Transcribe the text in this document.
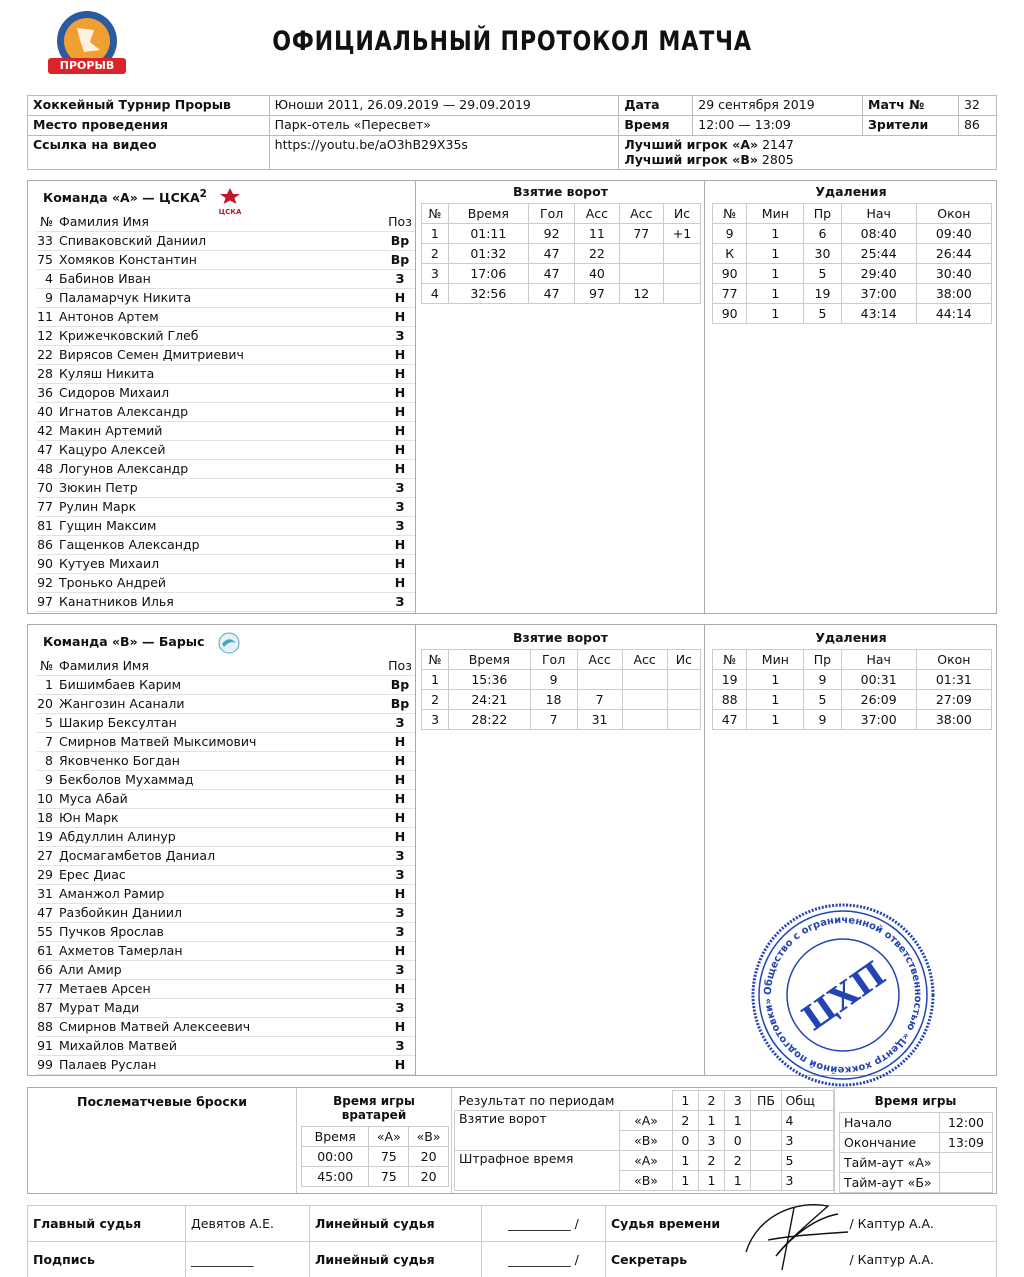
ПРОРЫВ
ОФИЦИАЛЬНЫЙ ПРОТОКОЛ МАТЧА
Хоккейный Турнир Прорыв	Юноши 2011, 26.09.2019 — 29.09.2019	Дата	29 сентября 2019	Матч №	32
Место проведения	Парк-отель «Пересвет»	Время	12:00 — 13:09	Зрители	86
Ссылка на видео	https://youtu.be/aO3hB29X35s	Лучший игрок «А» 2147
Лучший игрок «В» 2805			
Команда «А» — ЦСКА$^2$
ЦСКА
№	Фамилия Имя	Поз
33	Спиваковский Даниил	Вр
75	Хомяков Константин	Вр
4	Бабинов Иван	З
9	Паламарчук Никита	Н
11	Антонов Артем	Н
12	Крижечковский Глеб	З
22	Вирясов Семен Дмитриевич	Н
28	Куляш Никита	Н
36	Сидоров Михаил	Н
40	Игнатов Александр	Н
42	Макин Артемий	Н
47	Кацуро Алексей	Н
48	Логунов Александр	Н
70	Зюкин Петр	З
77	Рулин Марк	З
81	Гущин Максим	З
86	Гащенков Александр	Н
90	Кутуев Михаил	Н
92	Тронько Андрей	Н
97	Канатников Илья	З
Взятие ворот
№	Время	Гол	Асс	Асс	Ис
1	01:11	92	11	77	+1
2	01:32	47	22		
3	17:06	47	40		
4	32:56	47	97	12	
Удаления
№	Мин	Пр	Нач	Окон
9	1	6	08:40	09:40
К	1	30	25:44	26:44
90	1	5	29:40	30:40
77	1	19	37:00	38:00
90	1	5	43:14	44:14
Команда «В» — Барыс
№	Фамилия Имя	Поз
1	Бишимбаев Карим	Вр
20	Жангозин Асанали	Вр
5	Шакир Бексултан	З
7	Смирнов Матвей Мыксимович	Н
8	Яковченко Богдан	Н
9	Бекболов Мухаммад	Н
10	Муса Абай	Н
18	Юн Марк	Н
19	Абдуллин Алинур	Н
27	Досмагамбетов Даниал	З
29	Ерес Диас	З
31	Аманжол Рамир	Н
47	Разбойкин Даниил	З
55	Пучков Ярослав	З
61	Ахметов Тамерлан	Н
66	Али Амир	З
77	Метаев Арсен	Н
87	Мурат Мади	З
88	Смирнов Матвей Алексеевич	Н
91	Михайлов Матвей	З
99	Палаев Руслан	Н
Взятие ворот
№	Время	Гол	Асс	Асс	Ис
1	15:36	9			
2	24:21	18	7		
3	28:22	7	31		
Удаления
№	Мин	Пр	Нач	Окон
19	1	9	00:31	01:31
88	1	5	26:09	27:09
47	1	9	37:00	38:00
Общество с ограниченной ответственностью «Центр хоккейной подготовки» ЦХП
Послематчевые броски	Время игры вратарей
Время	«А»	«В»
00:00	75	20
45:00	75	20
Результат по периодам		1	2	3	ПБ	Общ
Взятие ворот	«А»	2	1	1		4
	«В»	0	3	0		3
Штрафное время	«А»	1	2	2		5
	«В»	1	1	1		3
Время игры
Начало	12:00
Окончание	13:09
Тайм-аут «А»	
Тайм-аут «Б»	
Главный судья	Девятов А.Е.	Линейный судья	__________ /	Судья времени	/ Каптур А.А.
Подпись	__________	Линейный судья	__________ /	Секретарь	/ Каптур А.А.
